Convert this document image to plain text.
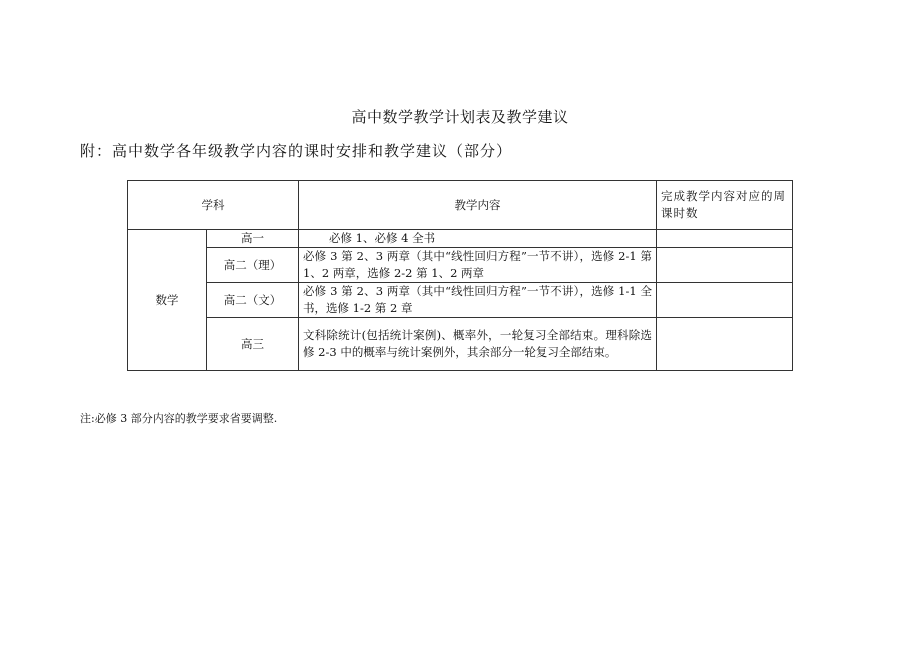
高中数学教学计划表及教学建议
附：高中数学各年级教学内容的课时安排和教学建议（部分）
学科		教学内容	完成教学内容对应的周课时数
数学	高一	必修 1、必修 4 全书	
	高二（理）	必修 3 第 2、3 两章（其中“线性回归方程”一节不讲），选修 2-1 第 1、2 两章，选修 2-2 第 1、2 两章	
	高二（文）	必修 3 第 2、3 两章（其中“线性回归方程”一节不讲），选修 1-1 全书，选修 1-2 第 2 章	
	高三	文科除统计(包括统计案例)、概率外，一轮复习全部结束。理科除选修 2-3 中的概率与统计案例外，其余部分一轮复习全部结束。	
注:必修 3 部分内容的教学要求省要调整.
